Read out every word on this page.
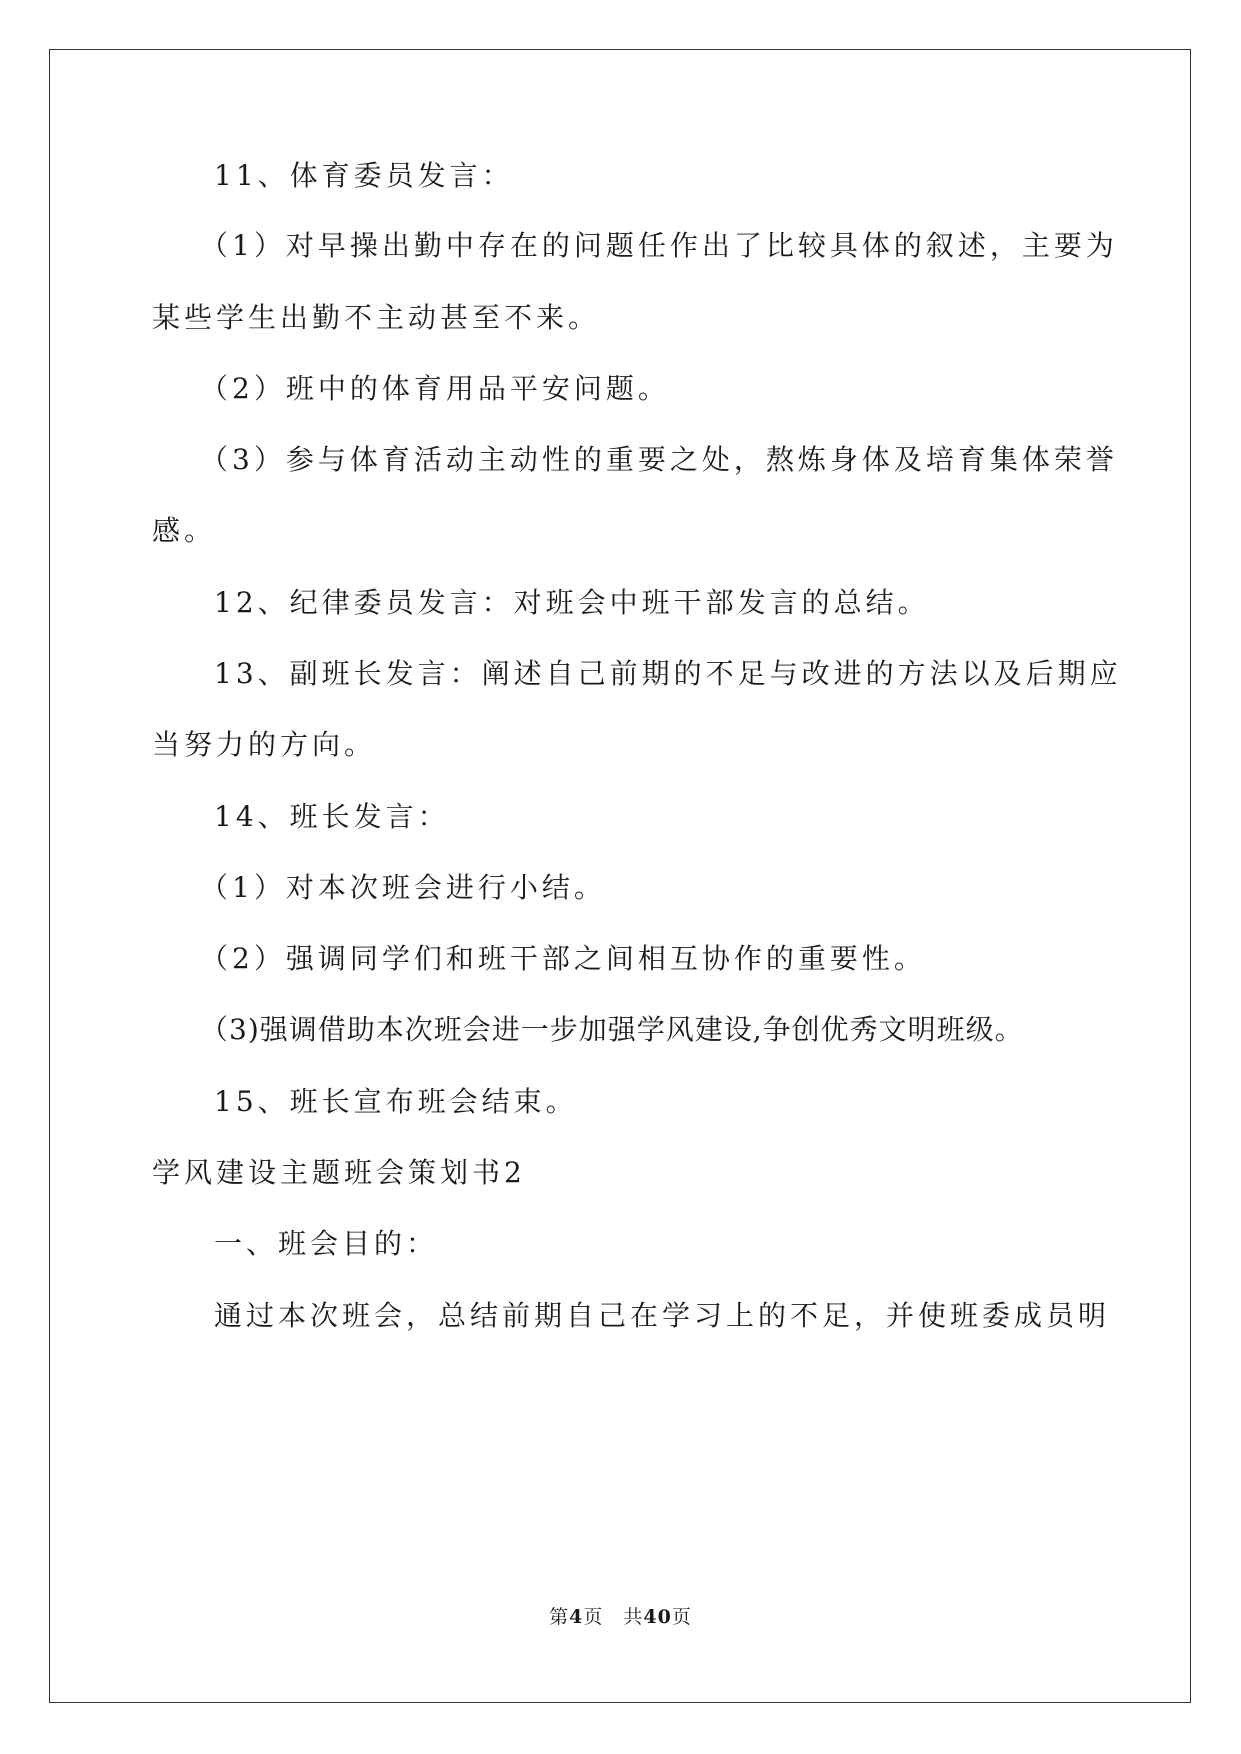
11、体育委员发言：
（1）对早操出勤中存在的问题任作出了比较具体的叙述，主要为
某些学生出勤不主动甚至不来。
（2）班中的体育用品平安问题。
（3）参与体育活动主动性的重要之处，熬炼身体及培育集体荣誉
感。
12、纪律委员发言：对班会中班干部发言的总结。
13、副班长发言：阐述自己前期的不足与改进的方法以及后期应
当努力的方向。
14、班长发言：
（1）对本次班会进行小结。
（2）强调同学们和班干部之间相互协作的重要性。
（3)强调借助本次班会进一步加强学风建设,争创优秀文明班级。
15、班长宣布班会结束。
学风建设主题班会策划书2
一、班会目的：
通过本次班会，总结前期自己在学习上的不足，并使班委成员明
第4页　共40页
